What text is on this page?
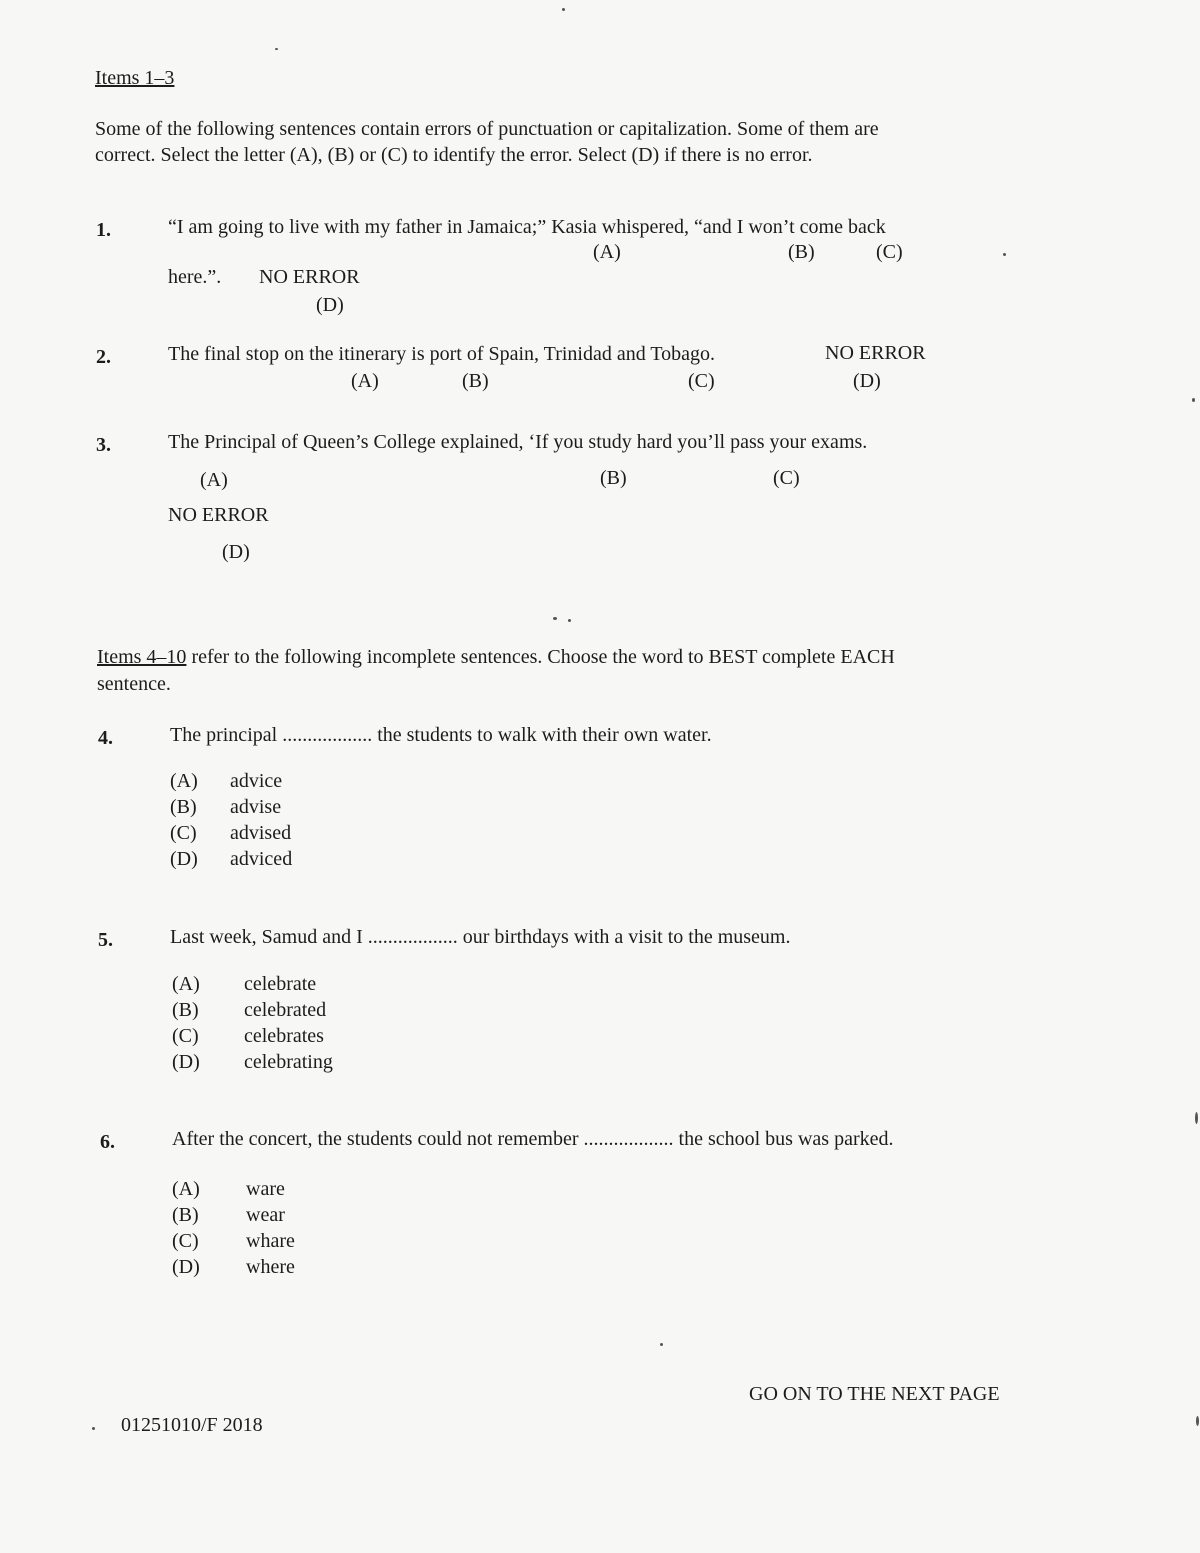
Items 1–3
Some of the following sentences contain errors of punctuation or capitalization. Some of them are
correct. Select the letter (A), (B) or (C) to identify the error. Select (D) if there is no error.
1.	“I am going to live with my father in Jamaica;” Kasia whispered, “and I won’t come back
(A)	(B)	(C)
here.”. NO ERROR
(D)
2.	The final stop on the itinerary is port of Spain, Trinidad and Tobago.	NO ERROR
(A)	(B)	(C)	(D)
3.	The Principal of Queen’s College explained, ‘If you study hard you’ll pass your exams.
(A)	(B)	(C)
NO ERROR
(D)
Items 4–10 refer to the following incomplete sentences. Choose the word to BEST complete EACH
sentence.
4.	The principal .................. the students to walk with their own water.
(A) advice
(B) advise
(C) advised
(D) adviced
5.	Last week, Samud and I .................. our birthdays with a visit to the museum.
(A) celebrate
(B) celebrated
(C) celebrates
(D) celebrating
6.	After the concert, the students could not remember .................. the school bus was parked.
(A) ware
(B) wear
(C) whare
(D) where
GO ON TO THE NEXT PAGE
01251010/F 2018
